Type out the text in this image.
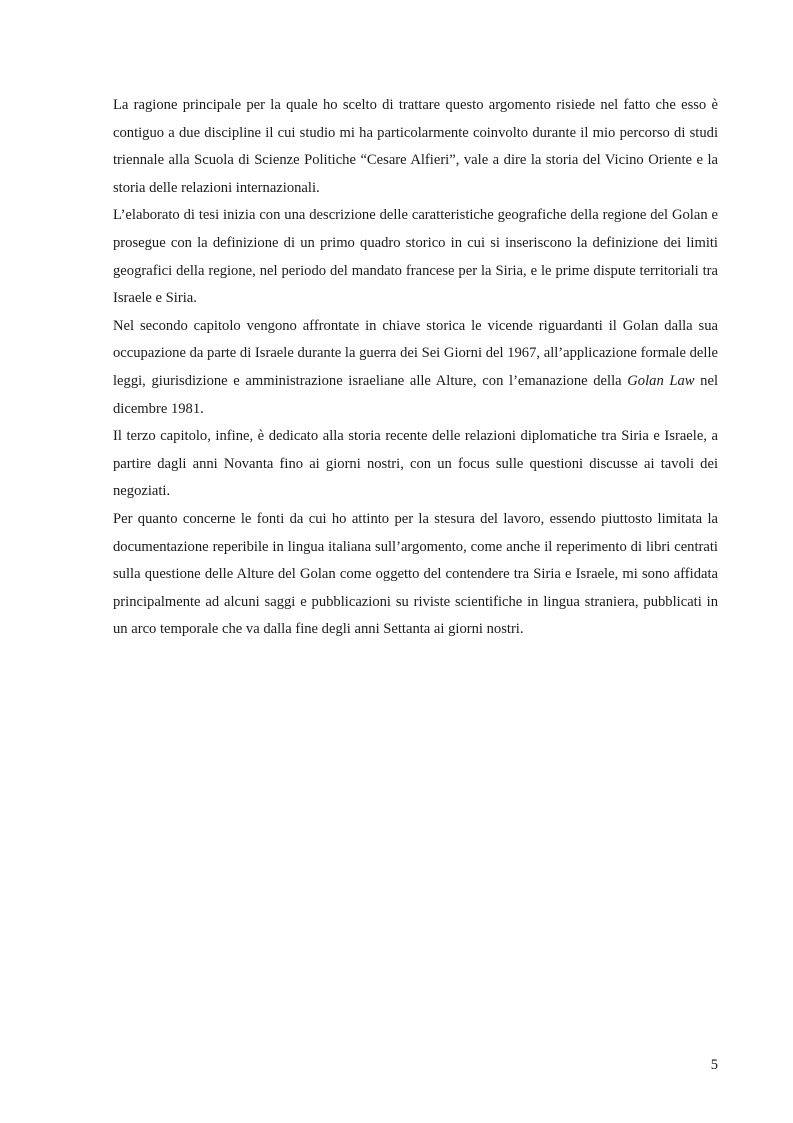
La ragione principale per la quale ho scelto di trattare questo argomento risiede nel fatto che esso è contiguo a due discipline il cui studio mi ha particolarmente coinvolto durante il mio percorso di studi triennale alla Scuola di Scienze Politiche “Cesare Alfieri”, vale a dire la storia del Vicino Oriente e la storia delle relazioni internazionali.

L’elaborato di tesi inizia con una descrizione delle caratteristiche geografiche della regione del Golan e prosegue con la definizione di un primo quadro storico in cui si inseriscono la definizione dei limiti geografici della regione, nel periodo del mandato francese per la Siria, e le prime dispute territoriali tra Israele e Siria.

Nel secondo capitolo vengono affrontate in chiave storica le vicende riguardanti il Golan dalla sua occupazione da parte di Israele durante la guerra dei Sei Giorni del 1967, all’applicazione formale delle leggi, giurisdizione e amministrazione israeliane alle Alture, con l’emanazione della Golan Law nel dicembre 1981.

Il terzo capitolo, infine, è dedicato alla storia recente delle relazioni diplomatiche tra Siria e Israele, a partire dagli anni Novanta fino ai giorni nostri, con un focus sulle questioni discusse ai tavoli dei negoziati.

Per quanto concerne le fonti da cui ho attinto per la stesura del lavoro, essendo piuttosto limitata la documentazione reperibile in lingua italiana sull’argomento, come anche il reperimento di libri centrati sulla questione delle Alture del Golan come oggetto del contendere tra Siria e Israele, mi sono affidata principalmente ad alcuni saggi e pubblicazioni su riviste scientifiche in lingua straniera, pubblicati in un arco temporale che va dalla fine degli anni Settanta ai giorni nostri.

5
